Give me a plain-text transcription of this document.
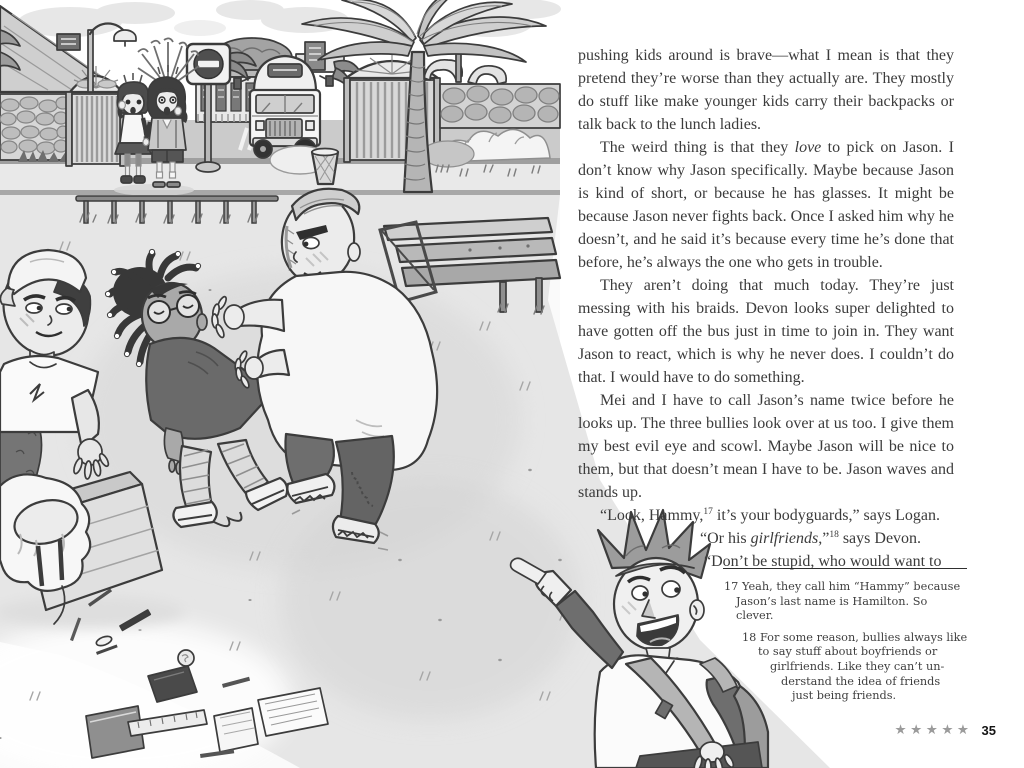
pushing kids around is brave—what I mean is that they pretend they’re worse than they actually are. They mostly do stuff like make younger kids carry their backpacks or talk back to the lunch ladies.

The weird thing is that they love to pick on Jason. I don’t know why Jason specifically. Maybe because Jason is kind of short, or because he has glasses. It might be because Jason never fights back. Once I asked him why he doesn’t, and he said it’s because every time he’s done that before, he’s always the one who gets in trouble.

They aren’t doing that much today. They’re just messing with his braids. Devon looks super delighted to have gotten off the bus just in time to join in. They want Jason to react, which is why he never does. I couldn’t do that. I would have to do something.

Mei and I have to call Jason’s name twice before he looks up. The three bullies look over at us too. I give them my best evil eye and scowl. Maybe Jason will be nice to them, but that doesn’t mean I have to be. Jason waves and stands up.

“Look, Hammy,$^{17}$ it’s your bodyguards,” says Logan.

“Or his girlfriends,”$^{18}$ says Devon.

“Don’t be stupid, who would want to

17 Yeah, they call him “Hammy” because
Jason’s last name is Hamilton. So
clever.
18 For some reason, bullies always like
to say stuff about boyfriends or
girlfriends. Like they can’t un-
derstand the idea of friends
just being friends.
★★★★★ 35
